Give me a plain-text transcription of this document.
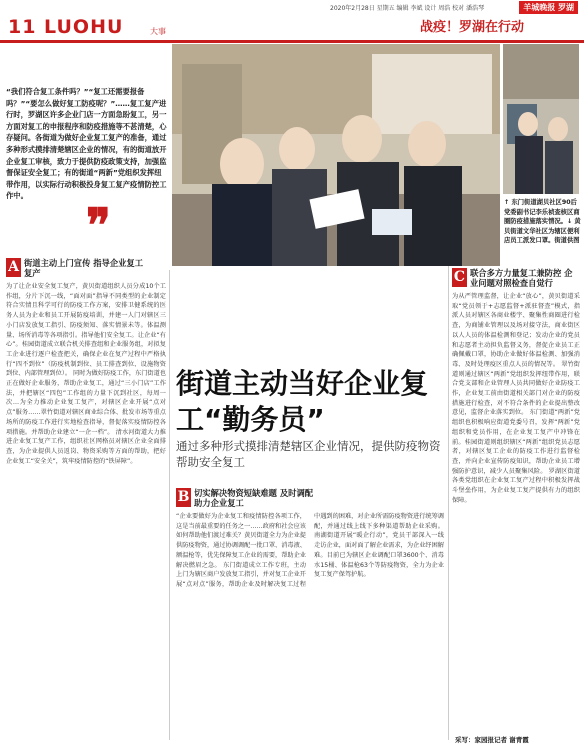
2020年2月28日 星期五 编辑 李斌 设计 周浩 校对 潘浩琴	羊城晚报 罗湖
11 LUOHU	大事	战疫！罗湖在行动
“我们符合复工条件吗？”“复工还需要报备吗？”“要怎么做好复工防疫呢？”……复工复产进行时，罗湖区许多企业门店一方面急盼复工，另一方面对复工的申报程序和防疫措施等不甚清楚，心存疑问。各街道为做好企业复工复产的准备，通过多种形式摸排清楚辖区企业的情况，有的街道放开企业复工审核，致力于提供防疫政策支持，加强监督保证安全复工；有的街道“两新”党组织发挥纽带作用，以实际行动积极投身复工复产疫情防控工作中。
❞	↑ 东门街道湖贝社区90后党委副书记李乐祯查核区商圈防疫措施落实情况。↓ 黄贝街道文华社区为辖区便利店员工派发口罩。街道供图
A 街道主动上门宣传 指导企业复工复产
为了让企业安全复工复产，黄贝街道组织人员分成10个工作组，分片下沉一线，“面对面”指导不同类型的企业制定符合实情且科学可行的防疫工作方案，安排卫健系统的医务人员为企业和员工开展防疫培训，并建一人门对辖区三小门店发放复工指引、防疫须知、落实情景未等。体温测量、场所消毒等各项指引。指导他们安全复工。让企业“有心”。桂园街道成立联合机关排查组和企业服务组，对拟复工企业进行逐户检查把关，确保企业在复产过程中严格执行“四不到位”（防疫机制到位、员工排查到位、设施物资到位、内部管理到位）。 同时为做好防疫工作，东门街道也正在做好企业服务，帮助企业复工，通过“三小门店”工作法，并把辖区“四包”工作组的力量下沉到社区，每周一次…为全力推动企业复工复产，对辖区企业开展“点对点”服务……翠竹街道对辖区商业综合体、批发市场等重点场所的防疫工作进行实地检查指导，督促落实疫情防控各项措施。并帮助企业建立“一企一档”。 清水河街道大力推进企业复工复产工作，组织社区网格员对辖区企业全面排查，为企业提供人员返岗、物资采购等方面的帮助，把好企业复工“安全关”，筑牢疫情防控的“铁屏障”。
街道主动当好企业复工“勤务员”
通过多种形式摸排清楚辖区企业情况，提供防疫物资帮助安全复工
B 切实解决物资短缺难题 及时调配助力企业复工
“企业要做好为企业复工和疫情防控各项工作，这是当前最重要的任务之一……政府和社会应该如何帮助他们渡过难关？黄贝街道全力为企业提供防疫物资，通过协调调配一批口罩、消毒液、额温枪等，优先保障复工企业的需要，帮助企业解决燃眉之急。 东门街道成立工作专班，主动上门为辖区商户发放复工指引，并对复工企业开展“点对点”服务，帮助企业及时解决复工过程中遇到的困难，对企业所需防疫物资进行统筹调配，并通过线上线下多种渠道帮助企业采购。 南湖街道开展“暖企行动”，党员干部深入一线走访企业，面对面了解企业需求，为企业纾困解难。目前已为辖区企业调配口罩3600个、消毒水15桶、体温枪63个等防疫物资，全力为企业复工复产保驾护航。
C 联合多方力量复工兼防控 企业问题对照检查自觉行
为从严管理监督，让企业“放心”，黄贝街道采取“党员领于+志愿监督+派驻督查”模式，指派人员对辖区各商业楼宇、聚集性商圈进行检查，为商铺业管理以及场对接守法，商业街区以人人员的体温检测和登记；发动企业的党员和志愿者主动担负监督义务，督促企业员工正确佩戴口罩，协助企业做好体温检测、加强消毒、及时处理疫区重点人员的情况等。 翠竹街道则通过辖区“两新”党组织发挥纽带作用，联合党支部和企业管理人员共同做好企业防疫工作，企业复工前由街道相关部门对企业的防疫措施进行检查，对不符合条件的企业提出整改意见，监督企业落实到位。 东门街道“两新”党组织也积极响应街道党委号召，发挥“两新”党组织和党员作用，在企业复工复产中冲锋在前。桂园街道则组织辖区“两新”组织党员志愿者，对辖区复工企业的防疫工作进行监督检查，并向企业宣传防疫知识，帮助企业员工增强防护意识，减少人员聚集风险。 罗湖区街道各类党组织在企业复工复产过程中积极发挥战斗堡垒作用，为企业复工复产提供有力的组织保障。
采写：家园报记者 谢青霞
